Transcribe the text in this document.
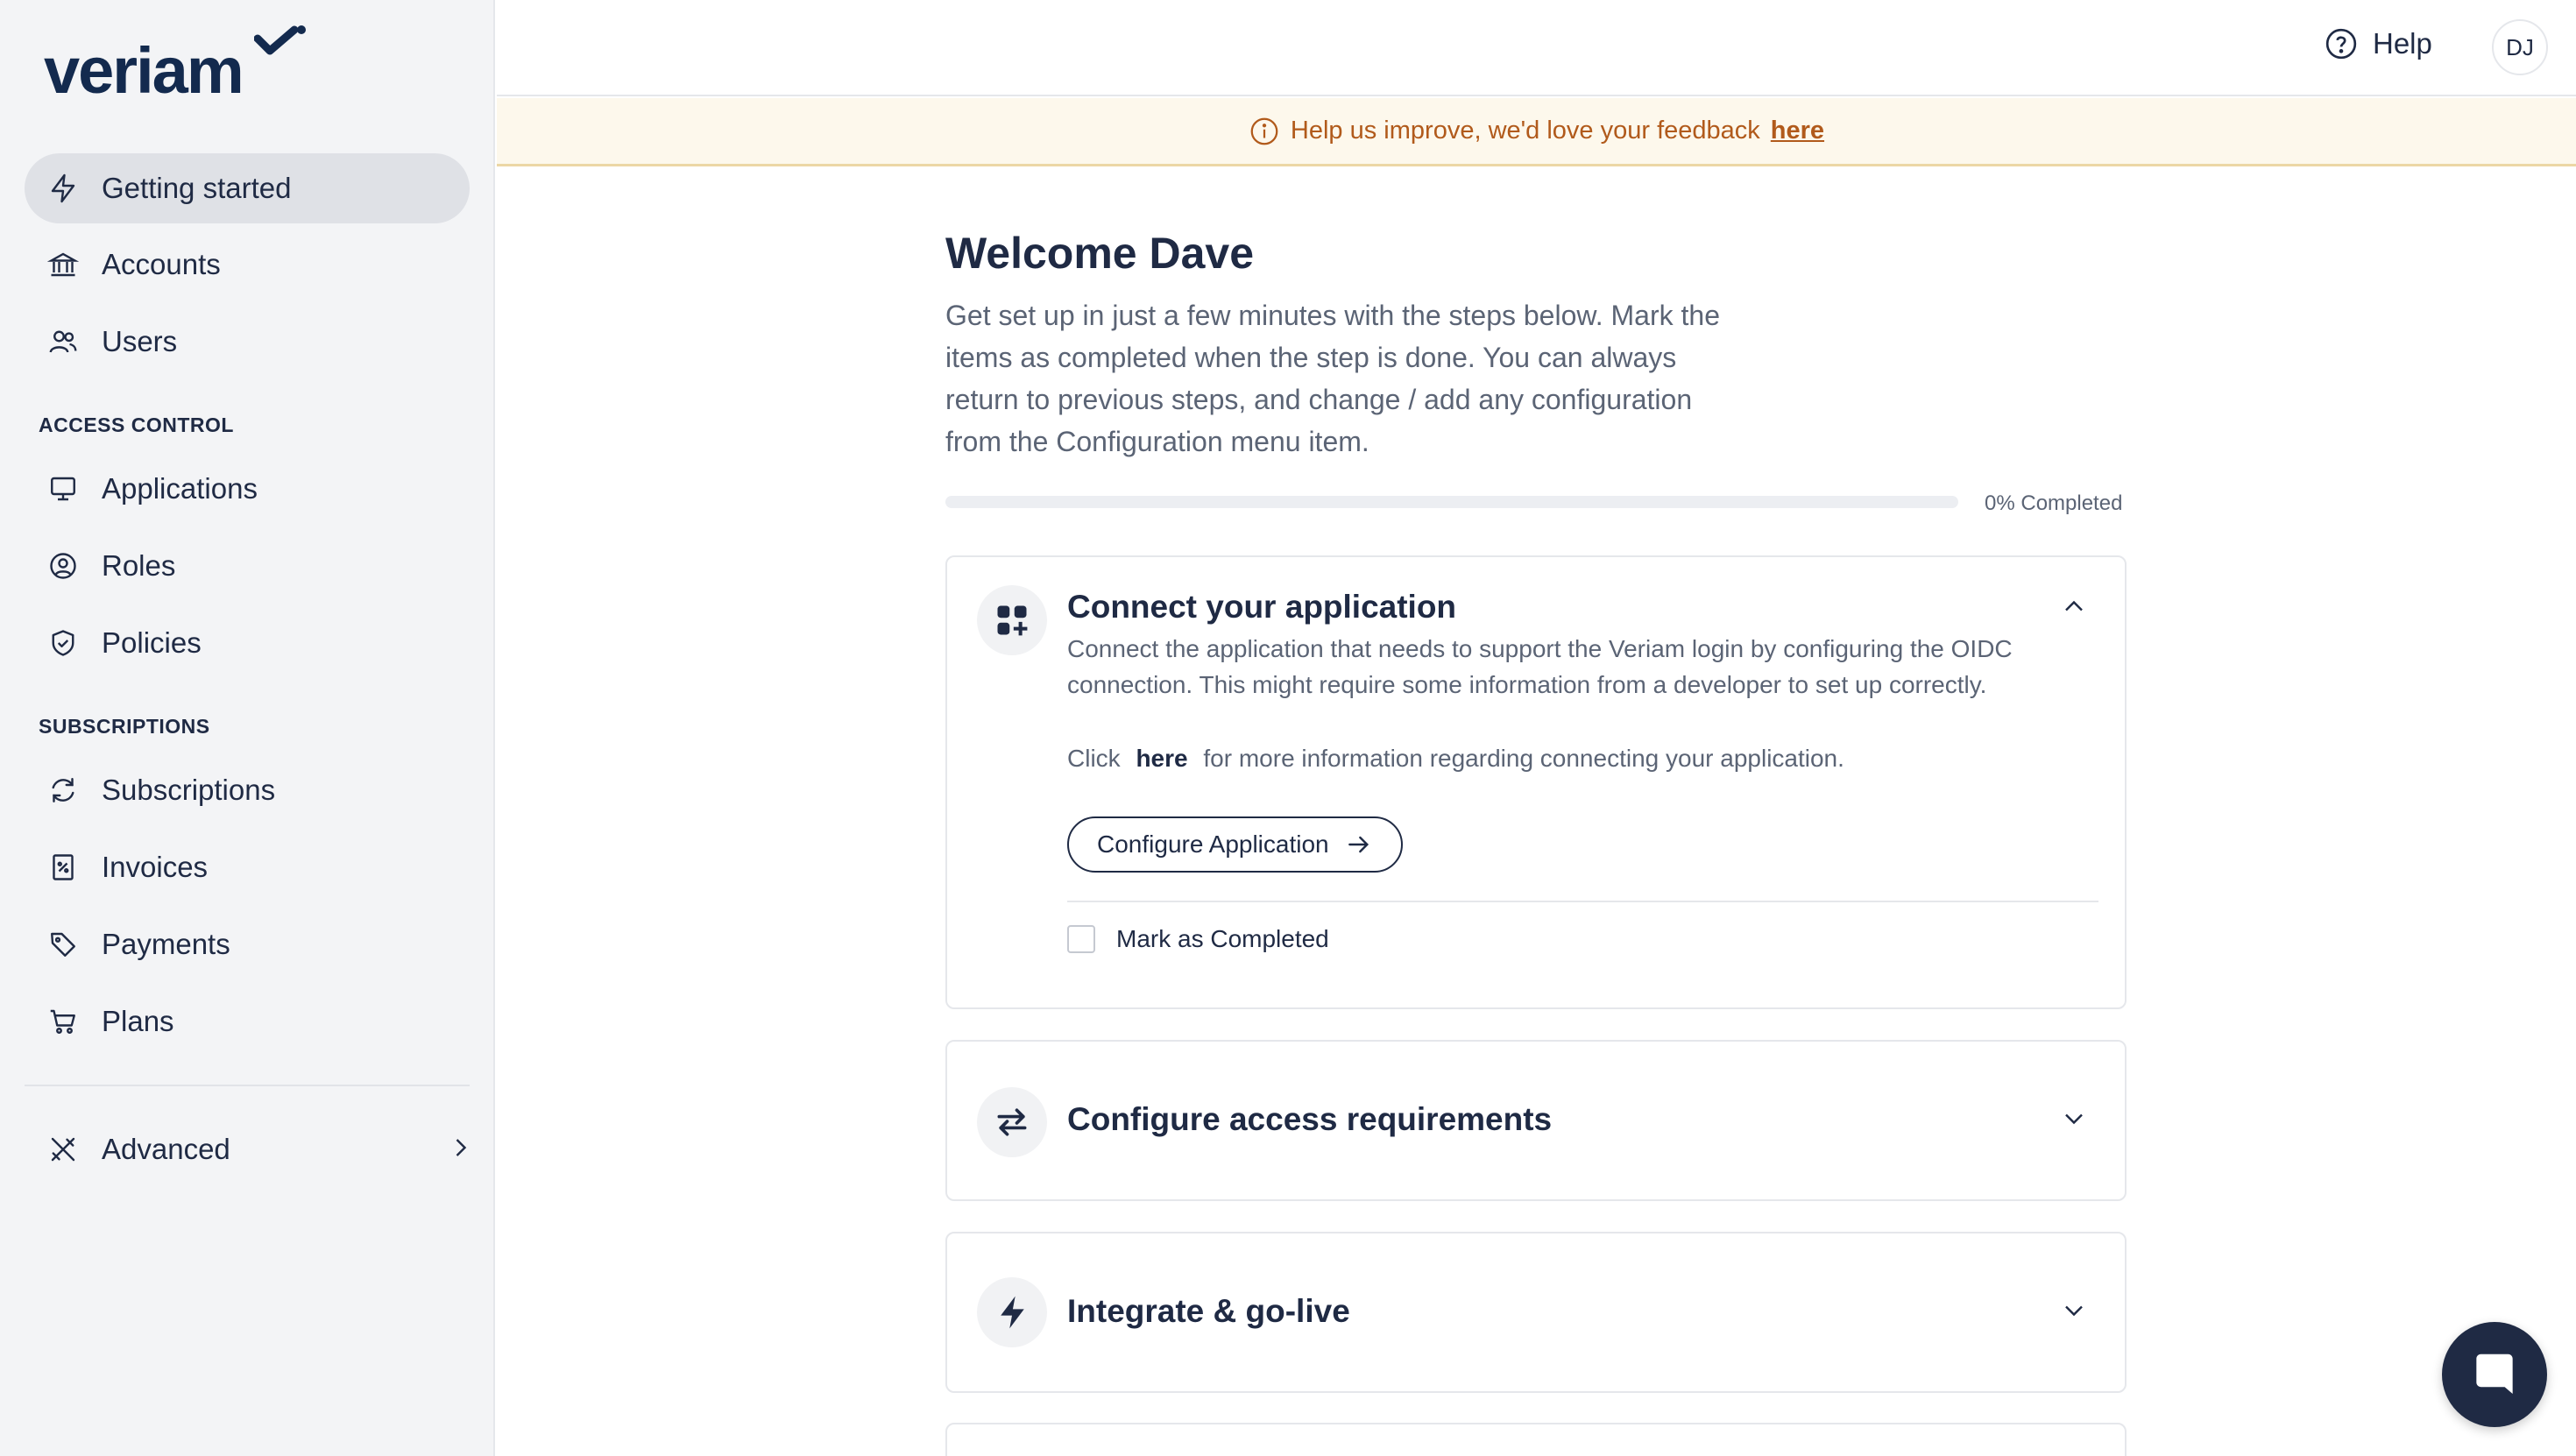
veriam
Getting started
Accounts
Users
ACCESS CONTROL
Applications
Roles
Policies
SUBSCRIPTIONS
Subscriptions
Invoices
Payments
Plans
Advanced
Help	DJ
Help us improve, we'd love your feedback here
Welcome Dave
Get set up in just a few minutes with the steps below. Mark the items as completed when the step is done. You can always return to previous steps, and change / add any configuration from the Configuration menu item.
0% Completed
Connect your application
Connect the application that needs to support the Veriam login by configuring the OIDC connection. This might require some information from a developer to set up correctly.
Click here for more information regarding connecting your application.
Configure Application
Mark as Completed
Configure access requirements
Integrate & go-live
